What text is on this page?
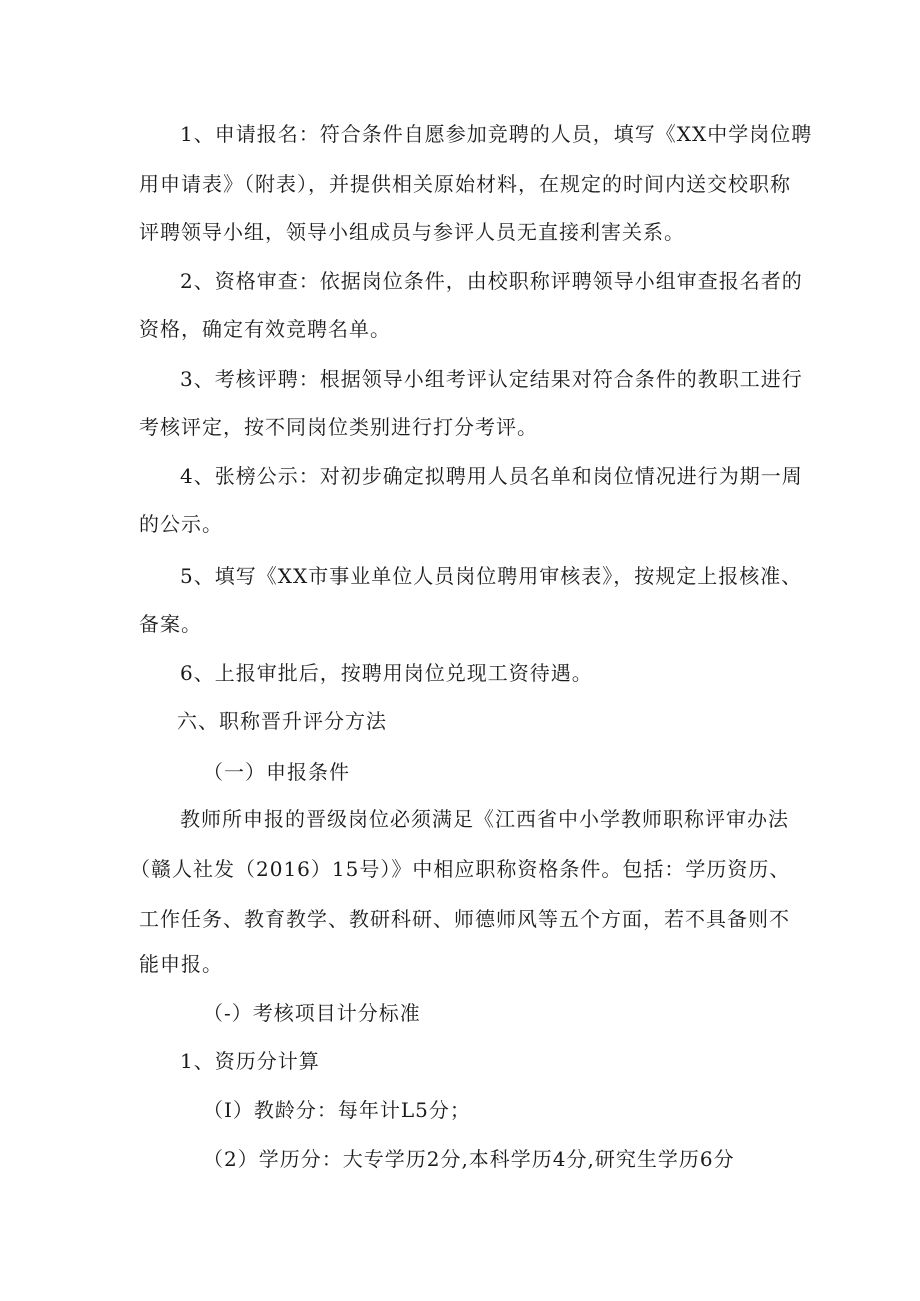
1、申请报名：符合条件自愿参加竞聘的人员，填写《XX中学岗位聘
用申请表》（附表），并提供相关原始材料，在规定的时间内送交校职称
评聘领导小组，领导小组成员与参评人员无直接利害关系。
2、资格审查：依据岗位条件，由校职称评聘领导小组审查报名者的
资格，确定有效竞聘名单。
3、考核评聘：根据领导小组考评认定结果对符合条件的教职工进行
考核评定，按不同岗位类别进行打分考评。
4、张榜公示：对初步确定拟聘用人员名单和岗位情况进行为期一周
的公示。
5、填写《XX市事业单位人员岗位聘用审核表》，按规定上报核准、
备案。
6、上报审批后，按聘用岗位兑现工资待遇。
六、职称晋升评分方法
（一）申报条件
教师所申报的晋级岗位必须满足《江西省中小学教师职称评审办法
（赣人社发（2016）15号）》中相应职称资格条件。包括：学历资历、
工作任务、教育教学、教研科研、师德师风等五个方面，若不具备则不
能申报。
（-）考核项目计分标准
1、资历分计算
（I）教龄分：每年计L5分；
（2）学历分：大专学历2分,本科学历4分,研究生学历6分
